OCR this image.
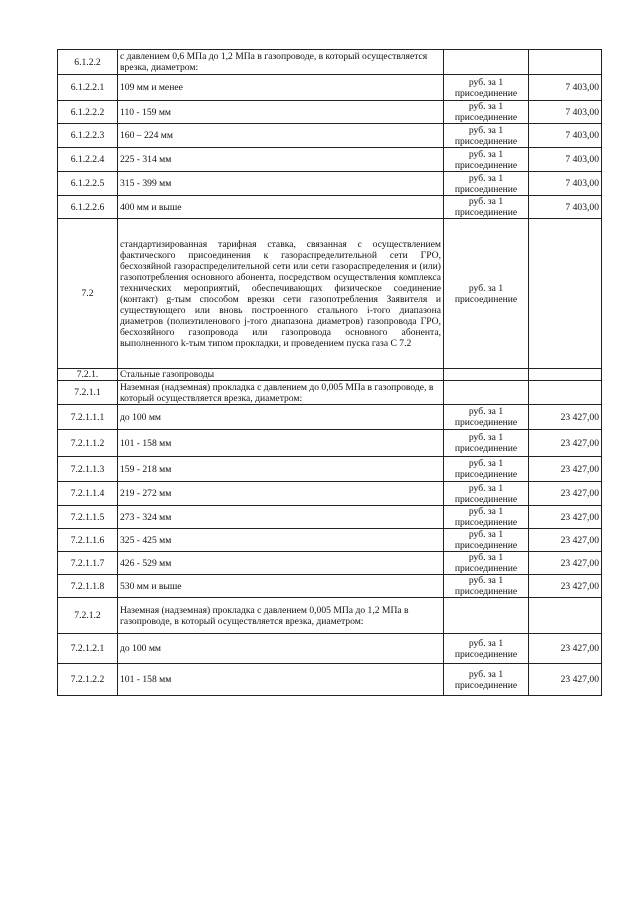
6.1.2.2	с давлением 0,6 МПа до 1,2 МПа в газопроводе, в который осуществляется врезка, диаметром:		
6.1.2.2.1	109 мм и менее	руб. за 1
присоединение	7 403,00
6.1.2.2.2	110 - 159 мм	руб. за 1
присоединение	7 403,00
6.1.2.2.3	160 – 224 мм	руб. за 1
присоединение	7 403,00
6.1.2.2.4	225 - 314 мм	руб. за 1
присоединение	7 403,00
6.1.2.2.5	315 - 399 мм	руб. за 1
присоединение	7 403,00
6.1.2.2.6	400 мм и выше	руб. за 1
присоединение	7 403,00
7.2	стандартизированная тарифная ставка, связанная с осуществлением фактического присоединения к газораспределительной сети ГРО, бесхозяйной газораспределительной сети или сети газораспределения и (или) газопотребления основного абонента, посредством осуществления комплекса технических мероприятий, обеспечивающих физическое соединение (контакт) g-тым способом врезки сети газопотребления Заявителя и существующего или вновь построенного стального i-того диапазона диаметров (полиэтиленового j-того диапазона диаметров) газопровода ГРО, бесхозяйного газопровода или газопровода основного абонента, выполненного k-тым типом прокладки, и проведением пуска газа С 7.2	руб. за 1
присоединение	

7.2.1.	Стальные газопроводы		
7.2.1.1	Наземная (надземная) прокладка с давлением до 0,005 МПа в газопроводе, в который осуществляется врезка, диаметром:		
7.2.1.1.1	до 100 мм	руб. за 1
присоединение	23 427,00
7.2.1.1.2	101 - 158 мм	руб. за 1
присоединение	23 427,00
7.2.1.1.3	159 - 218 мм	руб. за 1
присоединение	23 427,00
7.2.1.1.4	219 - 272 мм	руб. за 1
присоединение	23 427,00
7.2.1.1.5	273 - 324 мм	руб. за 1
присоединение	23 427,00
7.2.1.1.6	325 - 425 мм	руб. за 1
присоединение	23 427,00
7.2.1.1.7	426 - 529 мм	руб. за 1
присоединение	23 427,00
7.2.1.1.8	530 мм и выше	руб. за 1
присоединение	23 427,00
7.2.1.2	Наземная (надземная) прокладка с давлением 0,005 МПа до 1,2 МПа в газопроводе, в который осуществляется врезка, диаметром:		
7.2.1.2.1	до 100 мм	руб. за 1
присоединение	23 427,00
7.2.1.2.2	101 - 158 мм	руб. за 1
присоединение	23 427,00
